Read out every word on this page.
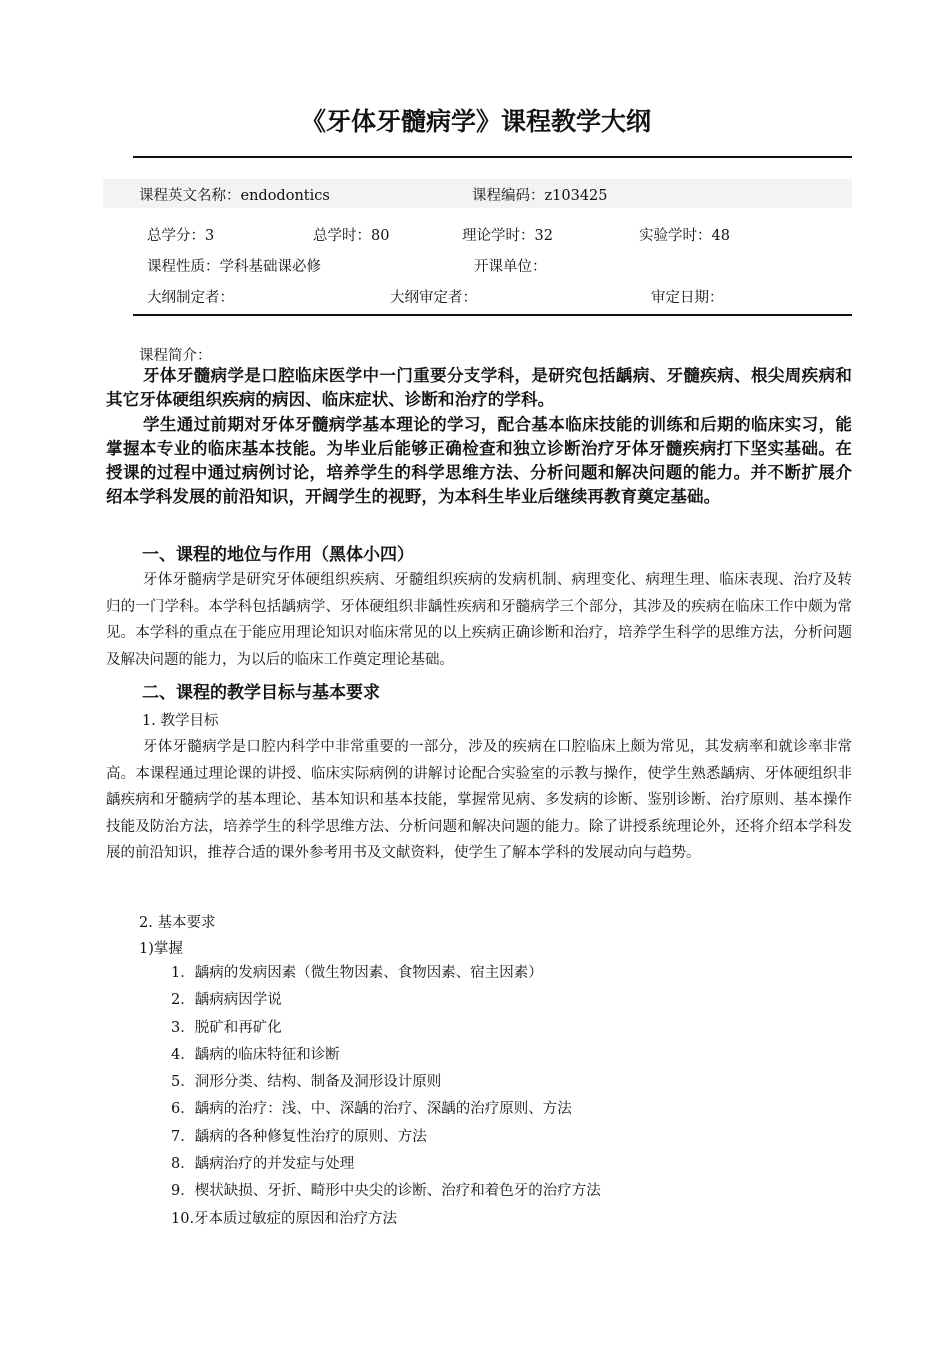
《牙体牙髓病学》课程教学大纲
课程英文名称：endodontics	课程编码：z103425
总学分：3	总学时：80	理论学时：32	实验学时：48
课程性质：学科基础课必修	开课单位：
大纲制定者：	大纲审定者：	审定日期：
课程简介：

牙体牙髓病学是口腔临床医学中一门重要分支学科，是研究包括龋病、牙髓疾病、根尖周疾病和其它牙体硬组织疾病的病因、临床症状、诊断和治疗的学科。

学生通过前期对牙体牙髓病学基本理论的学习，配合基本临床技能的训练和后期的临床实习，能掌握本专业的临床基本技能。为毕业后能够正确检查和独立诊断治疗牙体牙髓疾病打下坚实基础。在授课的过程中通过病例讨论，培养学生的科学思维方法、分析问题和解决问题的能力。并不断扩展介绍本学科发展的前沿知识，开阔学生的视野，为本科生毕业后继续再教育奠定基础。

一、课程的地位与作用（黑体小四）

牙体牙髓病学是研究牙体硬组织疾病、牙髓组织疾病的发病机制、病理变化、病理生理、临床表现、治疗及转归的一门学科。本学科包括龋病学、牙体硬组织非龋性疾病和牙髓病学三个部分，其涉及的疾病在临床工作中颇为常见。本学科的重点在于能应用理论知识对临床常见的以上疾病正确诊断和治疗，培养学生科学的思维方法，分析问题及解决问题的能力，为以后的临床工作奠定理论基础。

二、课程的教学目标与基本要求
1. 教学目标

牙体牙髓病学是口腔内科学中非常重要的一部分，涉及的疾病在口腔临床上颇为常见，其发病率和就诊率非常高。本课程通过理论课的讲授、临床实际病例的讲解讨论配合实验室的示教与操作，使学生熟悉龋病、牙体硬组织非龋疾病和牙髓病学的基本理论、基本知识和基本技能，掌握常见病、多发病的诊断、鉴别诊断、治疗原则、基本操作技能及防治方法，培养学生的科学思维方法、分析问题和解决问题的能力。除了讲授系统理论外，还将介绍本学科发展的前沿知识，推荐合适的课外参考用书及文献资料，使学生了解本学科的发展动向与趋势。

2. 基本要求
1)掌握
1．龋病的发病因素（微生物因素、食物因素、宿主因素）
2．龋病病因学说
3．脱矿和再矿化
4．龋病的临床特征和诊断
5．洞形分类、结构、制备及洞形设计原则
6．龋病的治疗：浅、中、深龋的治疗、深龋的治疗原则、方法
7．龋病的各种修复性治疗的原则、方法
8．龋病治疗的并发症与处理
9．楔状缺损、牙折、畸形中央尖的诊断、治疗和着色牙的治疗方法
10.牙本质过敏症的原因和治疗方法
